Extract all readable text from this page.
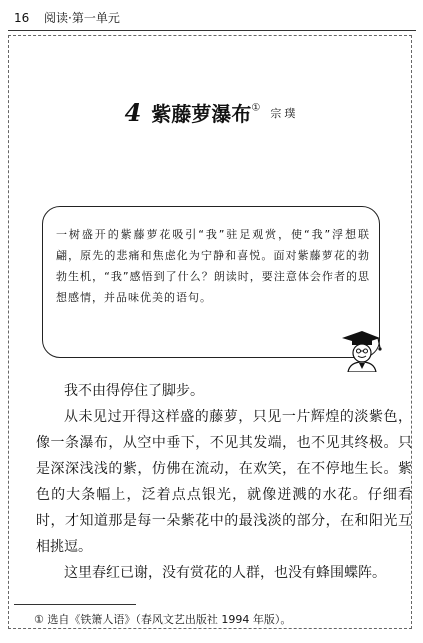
16 阅读·第一单元
4 紫藤萝瀑布① 宗璞
一树盛开的紫藤萝花吸引“我”驻足观赏，使“我”浮想联翩，原先的悲痛和焦虑化为宁静和喜悦。面对紫藤萝花的勃勃生机，“我”感悟到了什么？朗读时，要注意体会作者的思想感情，并品味优美的语句。

我不由得停住了脚步。

从未见过开得这样盛的藤萝，只见一片辉煌的淡紫色，像一条瀑布，从空中垂下，不见其发端，也不见其终极。只是深深浅浅的紫，仿佛在流动，在欢笑，在不停地生长。紫色的大条幅上，泛着点点银光，就像迸溅的水花。仔细看时，才知道那是每一朵紫花中的最浅淡的部分，在和阳光互相挑逗。

这里春红已谢，没有赏花的人群，也没有蜂围蝶阵。

① 选自《铁箫人语》（春风文艺出版社 1994 年版）。
